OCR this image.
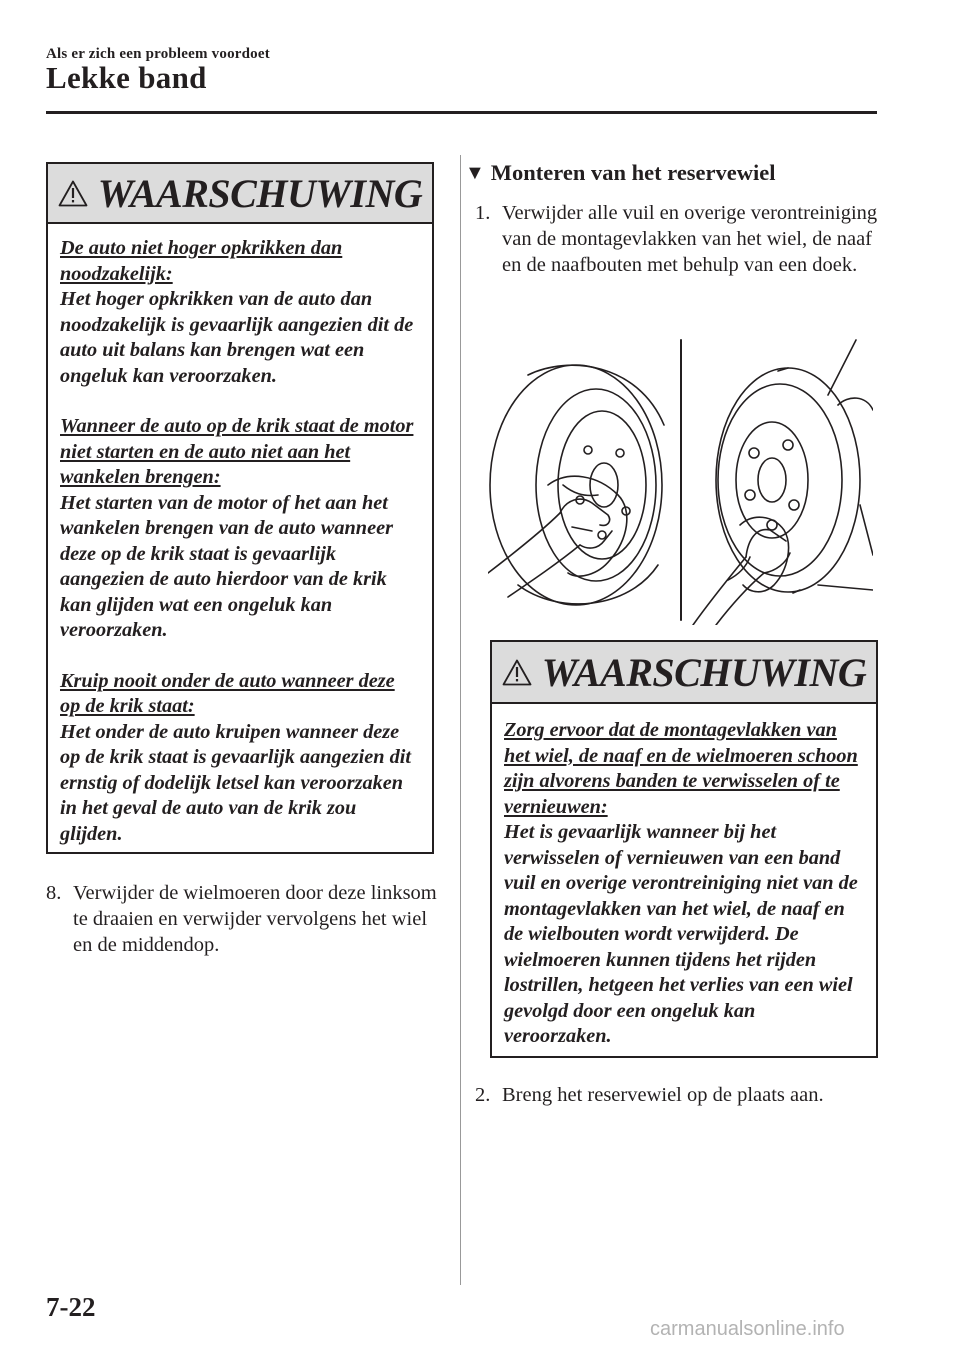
Als er zich een probleem voordoet
Lekke band
WAARSCHUWING

De auto niet hoger opkrikken dan noodzakelijk:
Het hoger opkrikken van de auto dan noodzakelijk is gevaarlijk aangezien dit de auto uit balans kan brengen wat een ongeluk kan veroorzaken.

Wanneer de auto op de krik staat de motor niet starten en de auto niet aan het wankelen brengen:
Het starten van de motor of het aan het wankelen brengen van de auto wanneer deze op de krik staat is gevaarlijk aangezien de auto hierdoor van de krik kan glijden wat een ongeluk kan veroorzaken.

Kruip nooit onder de auto wanneer deze op de krik staat:
Het onder de auto kruipen wanneer deze op de krik staat is gevaarlijk aangezien dit ernstig of dodelijk letsel kan veroorzaken in het geval de auto van de krik zou glijden.

8. Verwijder de wielmoeren door deze linksom te draaien en verwijder vervolgens het wiel en de middendop.
▼ Monteren van het reservewiel
1. Verwijder alle vuil en overige verontreiniging van de montagevlakken van het wiel, de naaf en de naafbouten met behulp van een doek.
WAARSCHUWING

Zorg ervoor dat de montagevlakken van het wiel, de naaf en de wielmoeren schoon zijn alvorens banden te verwisselen of te vernieuwen:
Het is gevaarlijk wanneer bij het verwisselen of vernieuwen van een band vuil en overige verontreiniging niet van de montagevlakken van het wiel, de naaf en de wielbouten wordt verwijderd. De wielmoeren kunnen tijdens het rijden lostrillen, hetgeen het verlies van een wiel gevolgd door een ongeluk kan veroorzaken.

2. Breng het reservewiel op de plaats aan.
7-22
carmanualsonline.info
